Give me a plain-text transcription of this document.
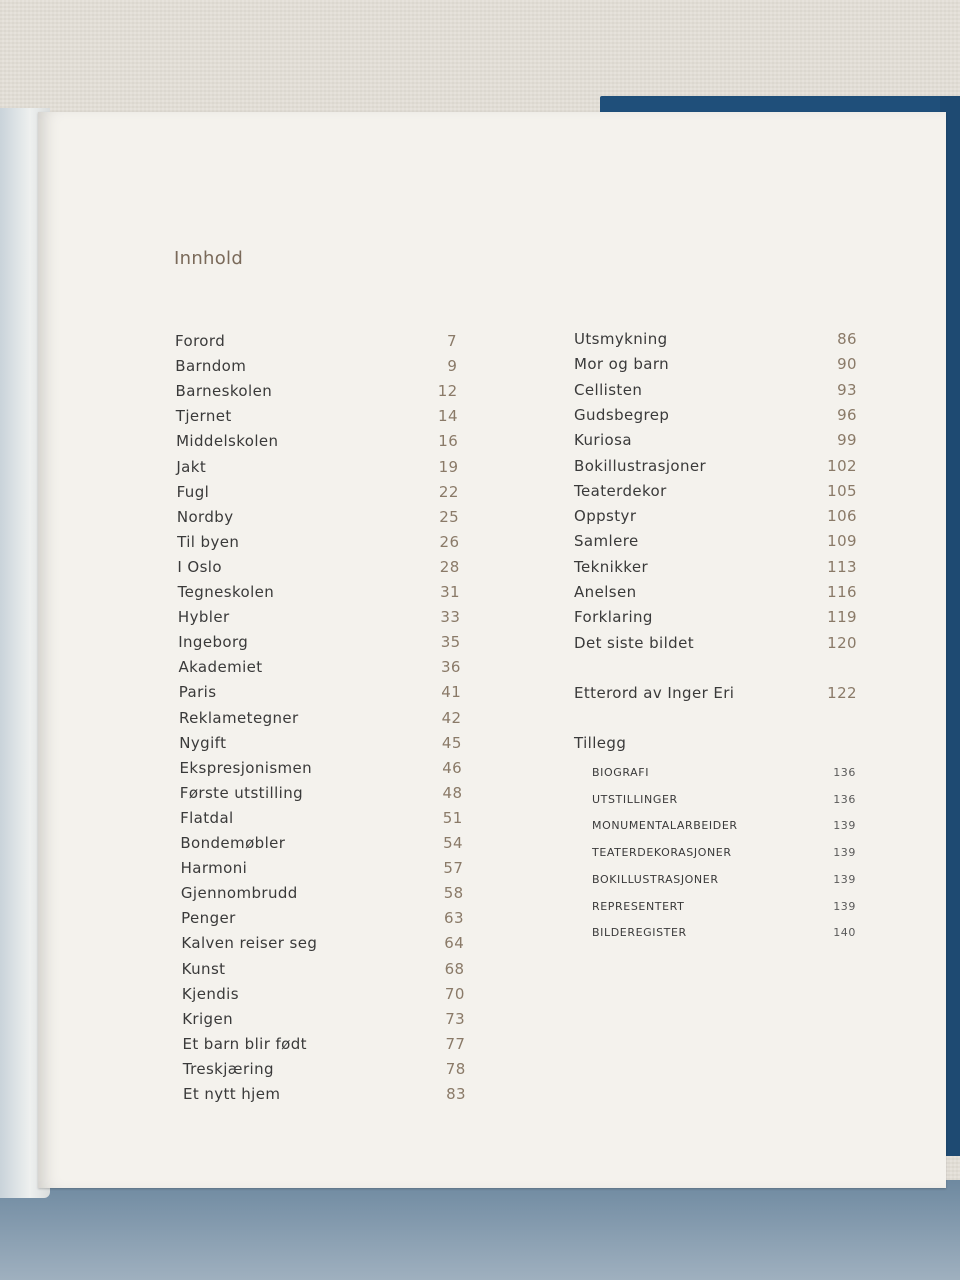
Innhold
Forord	7
Barndom	9
Barneskolen	12
Tjernet	14
Middelskolen	16
Jakt	19
Fugl	22
Nordby	25
Til byen	26
I Oslo	28
Tegneskolen	31
Hybler	33
Ingeborg	35
Akademiet	36
Paris	41
Reklametegner	42
Nygift	45
Ekspresjonismen	46
Første utstilling	48
Flatdal	51
Bondemøbler	54
Harmoni	57
Gjennombrudd	58
Penger	63
Kalven reiser seg	64
Kunst	68
Kjendis	70
Krigen	73
Et barn blir født	77
Treskjæring	78
Et nytt hjem	83
Utsmykning	86
Mor og barn	90
Cellisten	93
Gudsbegrep	96
Kuriosa	99
Bokillustrasjoner	102
Teaterdekor	105
Oppstyr	106
Samlere	109
Teknikker	113
Anelsen	116
Forklaring	119
Det siste bildet	120
Etterord av Inger Eri	122
Tillegg
BIOGRAFI	136
UTSTILLINGER	136
MONUMENTALARBEIDER	139
TEATERDEKORASJONER	139
BOKILLUSTRASJONER	139
REPRESENTERT	139
BILDEREGISTER	140
